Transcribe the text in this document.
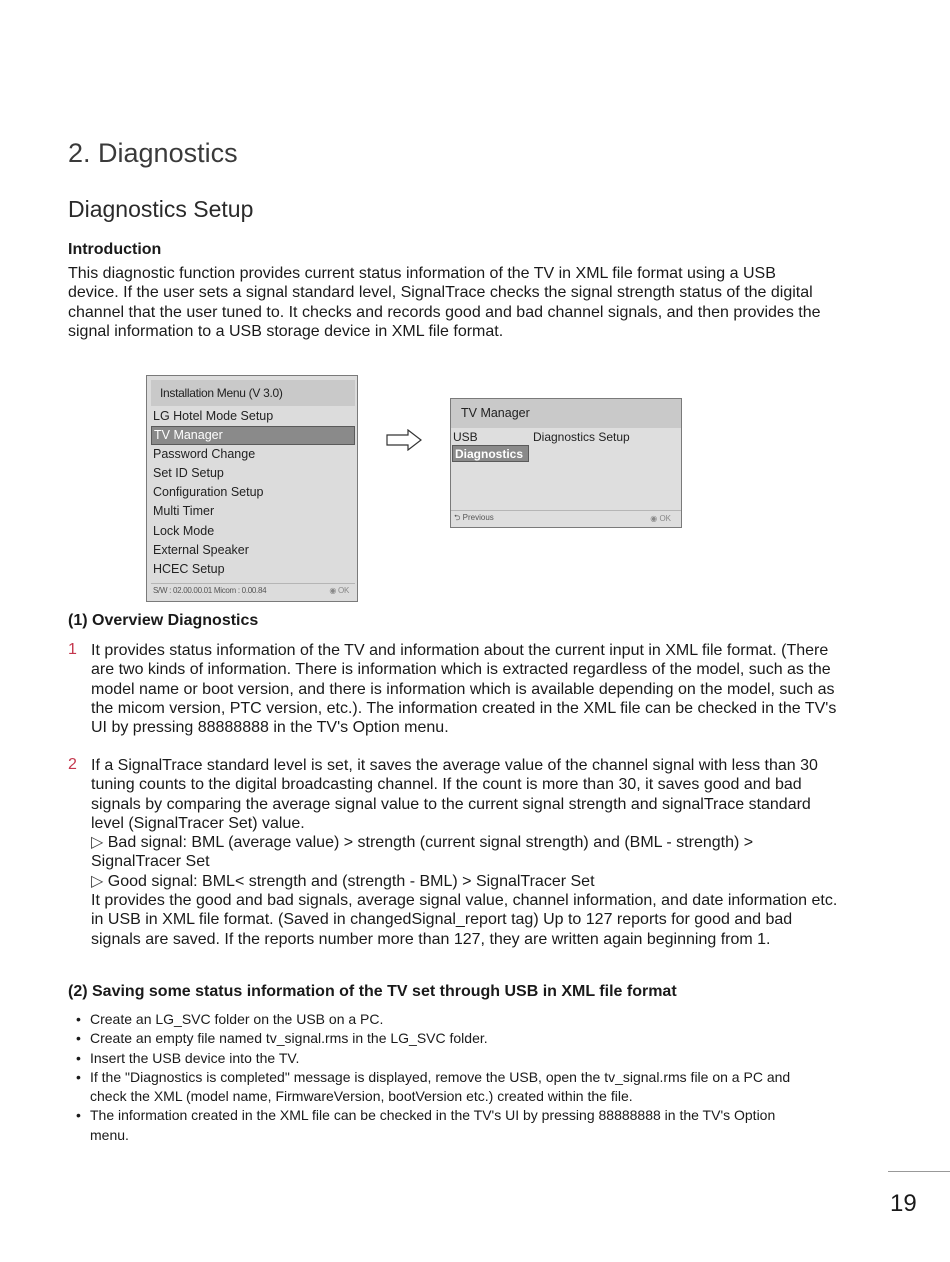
2. Diagnostics
Diagnostics Setup
Introduction
This diagnostic function provides current status information of the TV in XML file format using a USB device. If the user sets a signal standard level, SignalTrace checks the signal strength status of the digital channel that the user tuned to. It checks and records good and bad channel signals, and then provides the signal information to a USB storage device in XML file format.
Installation Menu (V 3.0)
LG Hotel Mode Setup
TV Manager
Password Change
Set ID Setup
Configuration Setup
Multi Timer
Lock Mode
External Speaker
HCEC Setup
S/W : 02.00.00.01 Micom : 0.00.84	◉ OK
TV Manager
USB
Diagnostics
Diagnostics Setup
⮌ Previous	◉ OK
(1) Overview Diagnostics
1 It provides status information of the TV and information about the current input in XML file format. (There are two kinds of information. There is information which is extracted regardless of the model, such as the model name or boot version, and there is information which is available depending on the model, such as the micom version, PTC version, etc.). The information created in the XML file can be checked in the TV's UI by pressing 88888888 in the TV's Option menu.
2 If a SignalTrace standard level is set, it saves the average value of the channel signal with less than 30 tuning counts to the digital broadcasting channel. If the count is more than 30, it saves good and bad signals by comparing the average signal value to the current signal strength and signalTrace standard level (SignalTracer Set) value.
▷ Bad signal: BML (average value) > strength (current signal strength) and (BML - strength) > SignalTracer Set
▷ Good signal: BML< strength and (strength - BML) > SignalTracer Set
It provides the good and bad signals, average signal value, channel information, and date information etc. in USB in XML file format. (Saved in changedSignal_report tag) Up to 127 reports for good and bad signals are saved. If the reports number more than 127, they are written again beginning from 1.
(2) Saving some status information of the TV set through USB in XML file format
• Create an LG_SVC folder on the USB on a PC.
• Create an empty file named tv_signal.rms in the LG_SVC folder.
• Insert the USB device into the TV.
• If the "Diagnostics is completed" message is displayed, remove the USB, open the tv_signal.rms file on a PC and check the XML (model name, FirmwareVersion, bootVersion etc.) created within the file.
• The information created in the XML file can be checked in the TV's UI by pressing 88888888 in the TV's Option menu.
19
